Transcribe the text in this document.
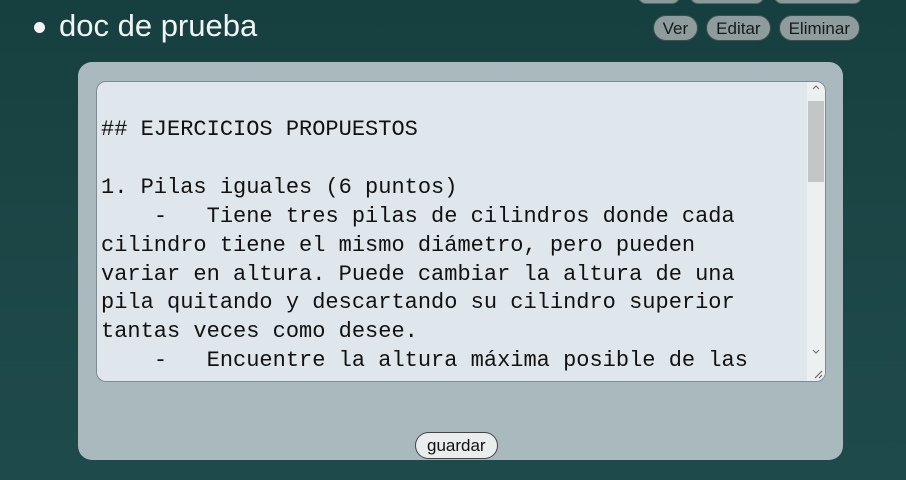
doc de prueba	Ver	Editar	Eliminar
## EJERCICIOS PROPUESTOS

1. Pilas iguales (6 puntos)
-   Tiene tres pilas de cilindros donde cada
cilindro tiene el mismo diámetro, pero pueden
variar en altura. Puede cambiar la altura de una
pila quitando y descartando su cilindro superior
tantas veces como desee.
-   Encuentre la altura máxima posible de las
guardar
